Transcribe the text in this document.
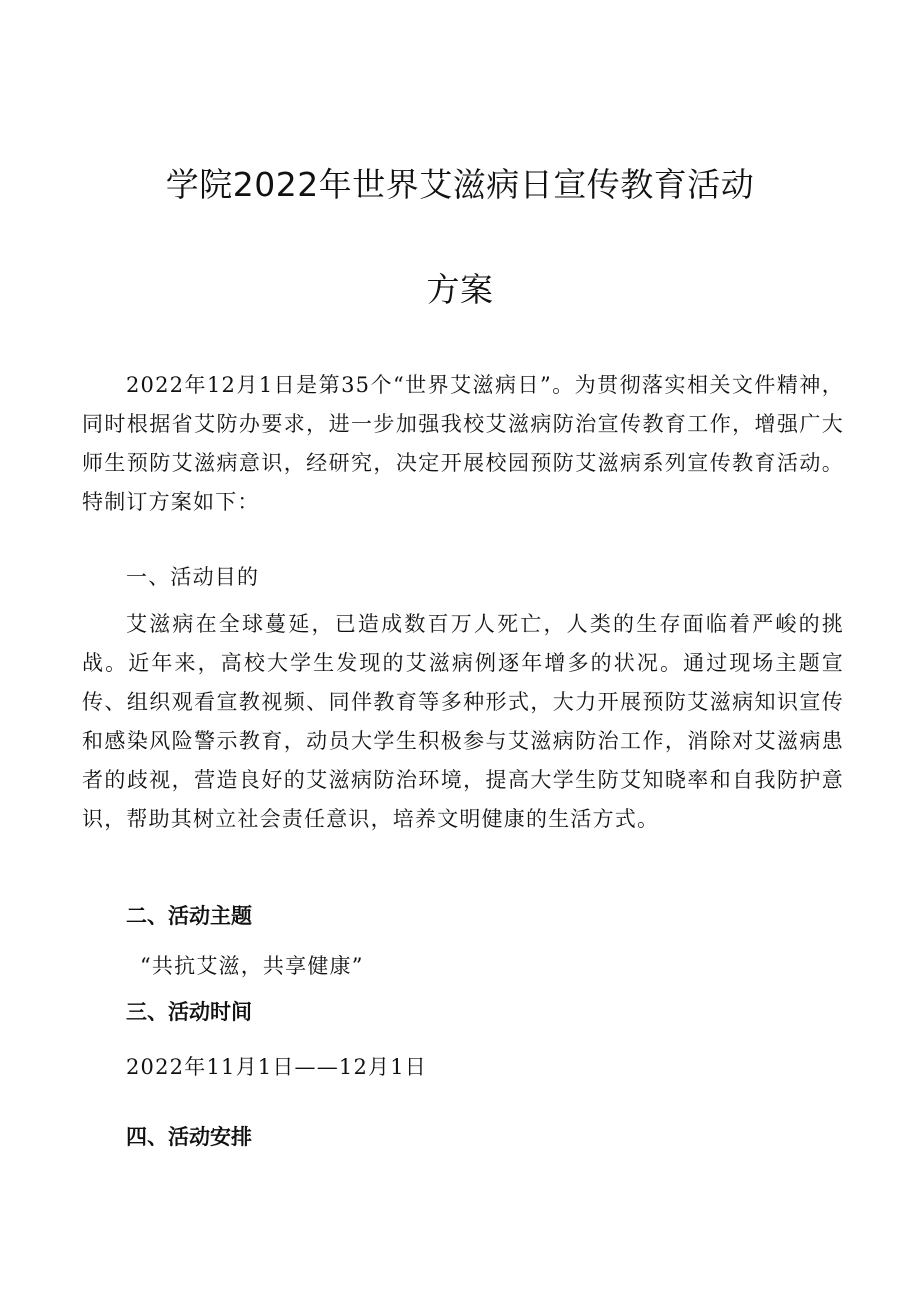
学院2022年世界艾滋病日宣传教育活动
方案

2022年12月1日是第35个“世界艾滋病日”。为贯彻落实相关文件精神，同时根据省艾防办要求，进一步加强我校艾滋病防治宣传教育工作，增强广大师生预防艾滋病意识，经研究，决定开展校园预防艾滋病系列宣传教育活动。特制订方案如下：

一、活动目的

艾滋病在全球蔓延，已造成数百万人死亡，人类的生存面临着严峻的挑战。近年来，高校大学生发现的艾滋病例逐年增多的状况。通过现场主题宣传、组织观看宣教视频、同伴教育等多种形式，大力开展预防艾滋病知识宣传和感染风险警示教育，动员大学生积极参与艾滋病防治工作，消除对艾滋病患者的歧视，营造良好的艾滋病防治环境，提高大学生防艾知晓率和自我防护意识，帮助其树立社会责任意识，培养文明健康的生活方式。

二、活动主题
“共抗艾滋，共享健康”
三、活动时间
2022年11月1日——12月1日
四、活动安排
